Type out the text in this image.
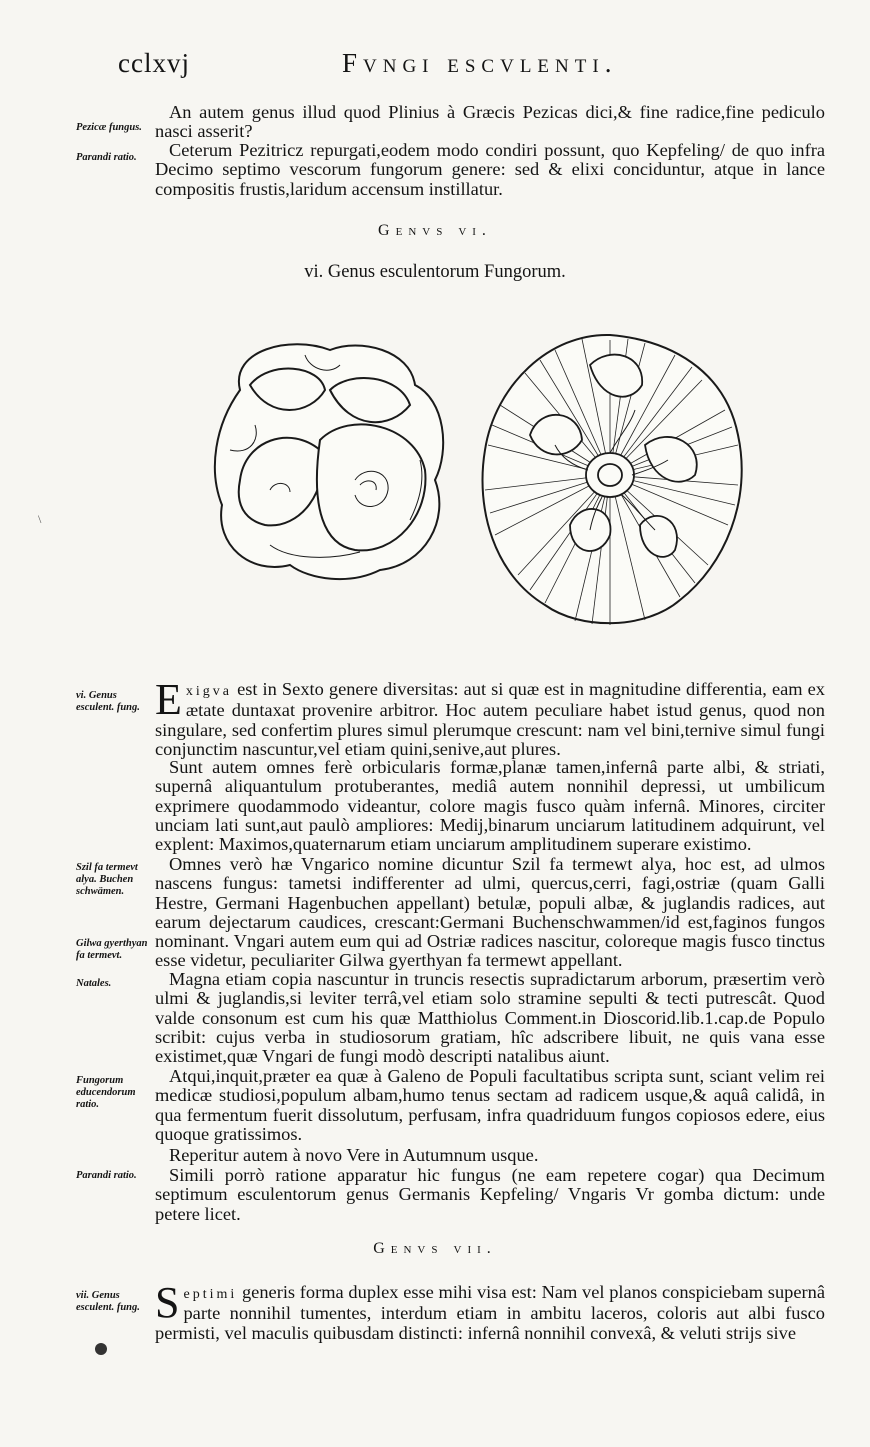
cclxvj	Fvngi escvlenti.
Pezicæ fungus.
Parandi ratio.

An autem genus illud quod Plinius à Græcis Pezicas dici,& fine radice,fine pediculo nasci asserit?

Ceterum Pezitricz repurgati,eodem modo condiri possunt, quo Kepfeling/ de quo infra Decimo septimo vescorum fungorum genere: sed & elixi conciduntur, atque in lance compositis frustis,laridum accensum instillatur.

Genvs vi.
vi. Genus esculentorum Fungorum.
vi. Genus esculent. fung. Exigva est in Sexto genere diversitas: aut si quæ est in magnitudine differentia, eam ex ætate duntaxat provenire arbitror. Hoc autem peculiare habet istud genus, quod non singulare, sed confertim plures simul plerumque crescunt: nam vel bini,ternive simul fungi conjunctim nascuntur,vel etiam quini,senive,aut plures.

Sunt autem omnes ferè orbicularis formæ,planæ tamen,infernâ parte albi, & striati, supernâ aliquantulum protuberantes, mediâ autem nonnihil depressi, ut umbilicum exprimere quodammodo videantur, colore magis fusco quàm infernâ. Minores, circiter unciam lati sunt,aut paulò ampliores: Medij,binarum unciarum latitudinem adquirunt, vel explent: Maximos,quaternarum etiam unciarum amplitudinem superare existimo.

Szil fa termevt alya. Buchen schwämen.
Gilwa gyerthyan fa termevt.
Natales.

Omnes verò hæ Vngarico nomine dicuntur Szil fa termewt alya, hoc est, ad ulmos nascens fungus: tametsi indifferenter ad ulmi, quercus,cerri, fagi,ostriæ (quam Galli Hestre, Germani Hagenbuchen appellant) betulæ, populi albæ, & juglandis radices, aut earum dejectarum caudices, crescant:Germani Buchenschwammen/id est,faginos fungos nominant. Vngari autem eum qui ad Ostriæ radices nascitur, coloreque magis fusco tinctus esse videtur, peculiariter Gilwa gyerthyan fa termewt appellant.

Magna etiam copia nascuntur in truncis resectis supradictarum arborum, præsertim verò ulmi & juglandis,si leviter terrâ,vel etiam solo stramine sepulti & tecti putrescât. Quod valde consonum est cum his quæ Matthiolus Comment.in Dioscorid.lib.1.cap.de Populo scribit: cujus verba in studiosorum gratiam, hîc adscribere libuit, ne quis vana esse existimet,quæ Vngari de fungi modò descripti natalibus aiunt.

Fungorum educendorum ratio.

Atqui,inquit,præter ea quæ à Galeno de Populi facultatibus scripta sunt, sciant velim rei medicæ studiosi,populum albam,humo tenus sectam ad radicem usque,& aquâ calidâ, in qua fermentum fuerit dissolutum, perfusam, infra quadriduum fungos copiosos edere, eius quoque gratissimos.

Reperitur autem à novo Vere in Autumnum usque.

Parandi ratio.	Simili porrò ratione apparatur hic fungus (ne eam repetere cogar) qua Decimum septimum esculentorum genus Germanis Kepfeling/ Vngaris Vr gomba dictum: unde petere licet.

Genvs vii.
vii. Genus esculent. fung. Septimi generis forma duplex esse mihi visa est: Nam vel planos conspiciebam supernâ parte nonnihil tumentes, interdum etiam in ambitu laceros, coloris aut albi fusco permisti, vel maculis quibusdam distincti: infernâ nonnihil convexâ, & veluti strijs sive

\
